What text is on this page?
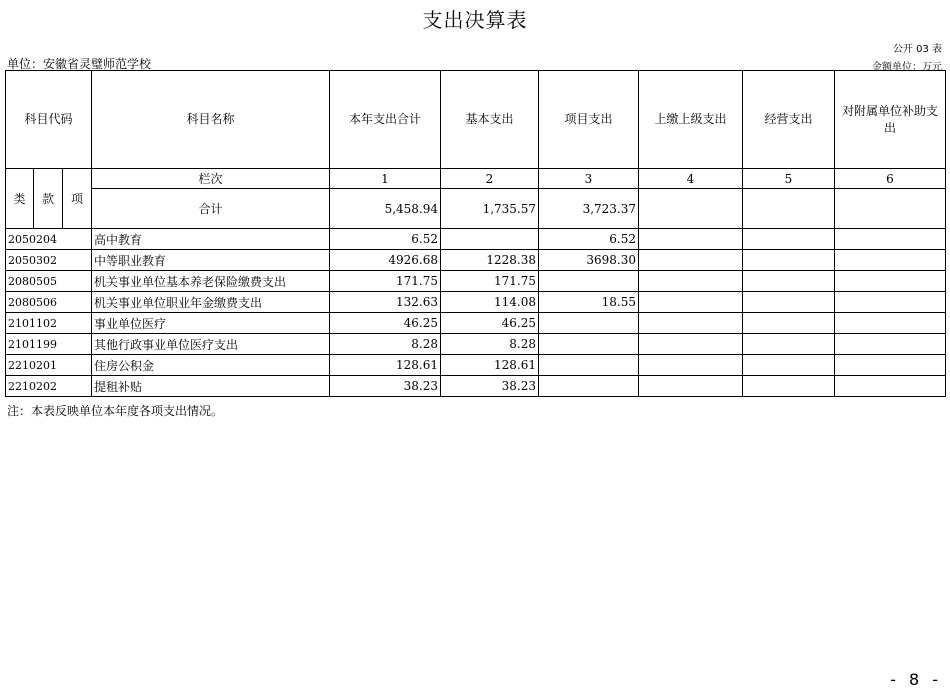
支出决算表
公开 03 表
单位：安徽省灵璧师范学校	金额单位：万元
科目代码			科目名称	本年支出合计	基本支出	项目支出	上缴上级支出	经营支出	对附属单位补助支出
类	款	项	栏次	1	2	3	4	5	6
			合计	5,458.94	1,735.57	3,723.37			
2050204			高中教育	6.52		6.52			
2050302			中等职业教育	4926.68	1228.38	3698.30			
2080505			机关事业单位基本养老保险缴费支出	171.75	171.75				
2080506			机关事业单位职业年金缴费支出	132.63	114.08	18.55			
2101102			事业单位医疗	46.25	46.25				
2101199			其他行政事业单位医疗支出	8.28	8.28				
2210201			住房公积金	128.61	128.61				
2210202			提租补贴	38.23	38.23				
注：本表反映单位本年度各项支出情况。
- 8 -
